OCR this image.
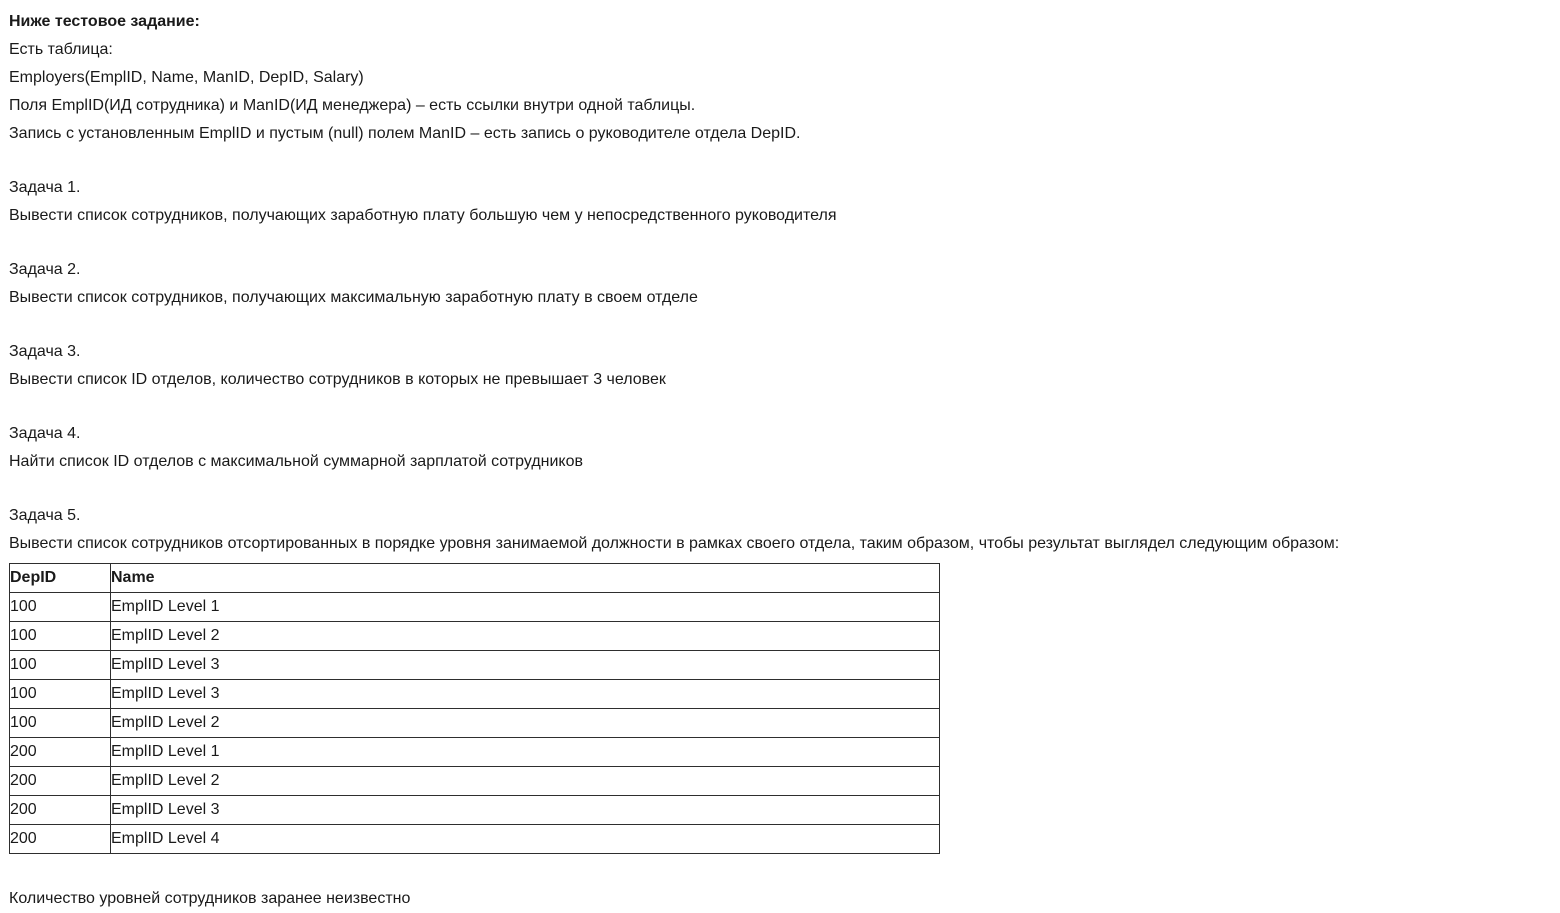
Ниже тестовое задание:
Есть таблица:
Employers(EmplID, Name, ManID, DepID, Salary)
Поля EmplID(ИД сотрудника) и ManID(ИД менеджера) – есть ссылки внутри одной таблицы.
Запись с установленным EmplID и пустым (null) полем ManID – есть запись о руководителе отдела DepID.
Задача 1.
Вывести список сотрудников, получающих заработную плату большую чем у непосредственного руководителя
Задача 2.
Вывести список сотрудников, получающих максимальную заработную плату в своем отделе
Задача 3.
Вывести список ID отделов, количество сотрудников в которых не превышает 3 человек
Задача 4.
Найти список ID отделов с максимальной суммарной зарплатой сотрудников
Задача 5.
Вывести список сотрудников отсортированных в порядке уровня занимаемой должности в рамках своего отдела, таким образом, чтобы результат выглядел следующим образом:
DepID	Name
100	EmplID Level 1
100	EmplID Level 2
100	EmplID Level 3
100	EmplID Level 3
100	EmplID Level 2
200	EmplID Level 1
200	EmplID Level 2
200	EmplID Level 3
200	EmplID Level 4
Количество уровней сотрудников заранее неизвестно
